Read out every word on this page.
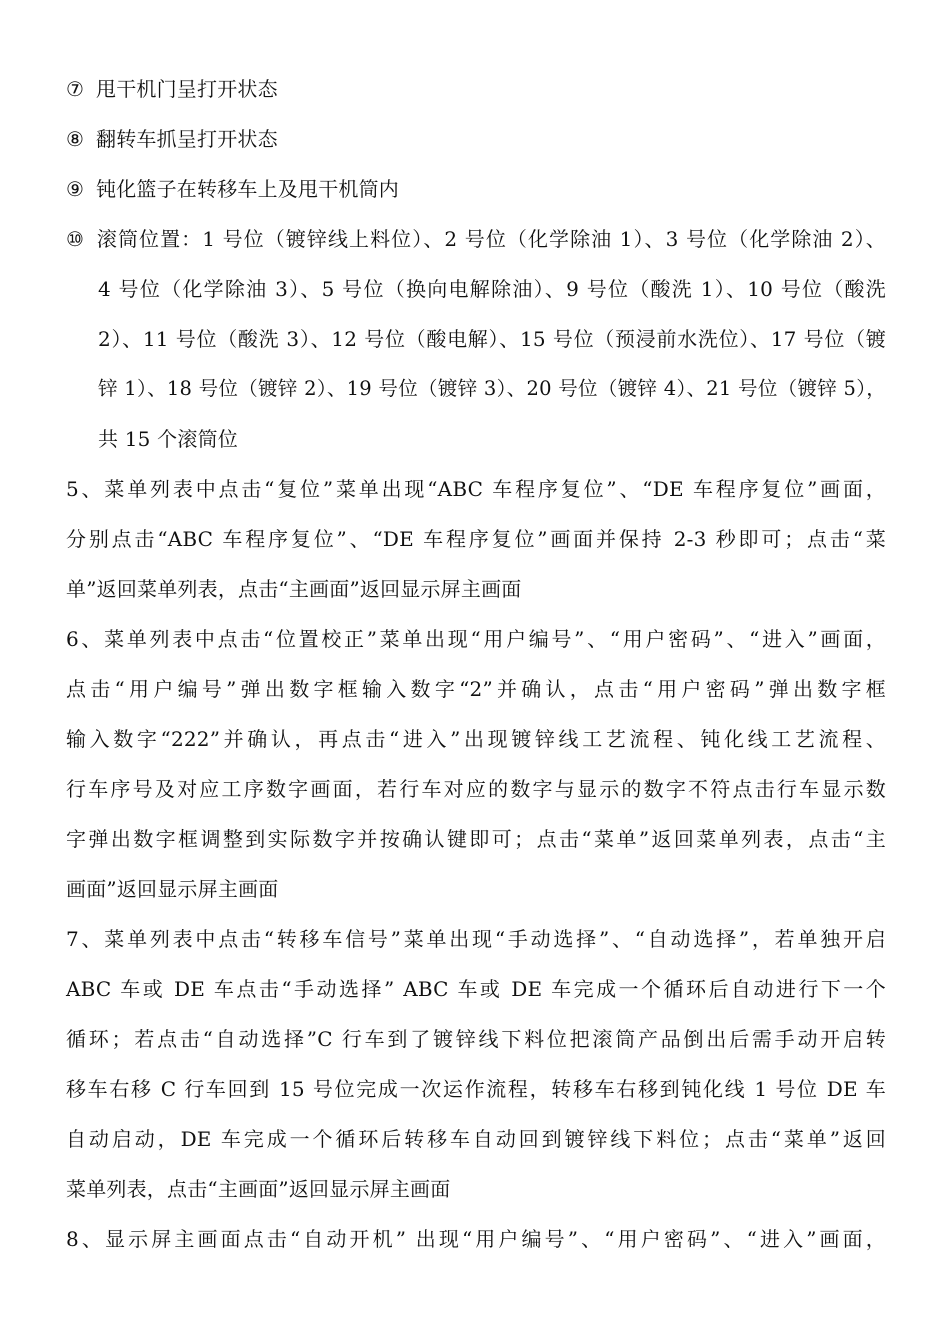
⑦ 甩干机门呈打开状态
⑧ 翻转车抓呈打开状态
⑨ 钝化篮子在转移车上及甩干机筒内
⑩ 滚筒位置：1 号位（镀锌线上料位）、2 号位（化学除油 1）、3 号位（化学除油 2）、
4 号位（化学除油 3）、5 号位（换向电解除油）、9 号位（酸洗 1）、10 号位（酸洗
2）、11 号位（酸洗 3）、12 号位（酸电解）、15 号位（预浸前水洗位）、17 号位（镀
锌 1）、18 号位（镀锌 2）、19 号位（镀锌 3）、20 号位（镀锌 4）、21 号位（镀锌 5），
共 15 个滚筒位
5、菜单列表中点击“复位”菜单出现“ABC 车程序复位”、“DE 车程序复位”画面，
分别点击“ABC 车程序复位”、“DE 车程序复位”画面并保持 2-3 秒即可；点击“菜
单”返回菜单列表，点击“主画面”返回显示屏主画面
6、菜单列表中点击“位置校正”菜单出现“用户编号”、“用户密码”、“进入”画面，
点击“用户编号”弹出数字框输入数字“2”并确认，点击“用户密码”弹出数字框
输入数字“222”并确认，再点击“进入”出现镀锌线工艺流程、钝化线工艺流程、
行车序号及对应工序数字画面，若行车对应的数字与显示的数字不符点击行车显示数
字弹出数字框调整到实际数字并按确认键即可；点击“菜单”返回菜单列表，点击“主
画面”返回显示屏主画面
7、菜单列表中点击“转移车信号”菜单出现“手动选择”、“自动选择”，若单独开启
ABC 车或 DE 车点击“手动选择” ABC 车或 DE 车完成一个循环后自动进行下一个
循环；若点击“自动选择”C 行车到了镀锌线下料位把滚筒产品倒出后需手动开启转
移车右移 C 行车回到 15 号位完成一次运作流程，转移车右移到钝化线 1 号位 DE 车
自动启动，DE 车完成一个循环后转移车自动回到镀锌线下料位；点击“菜单”返回
菜单列表，点击“主画面”返回显示屏主画面
8、显示屏主画面点击“自动开机” 出现“用户编号”、“用户密码”、“进入”画面，
